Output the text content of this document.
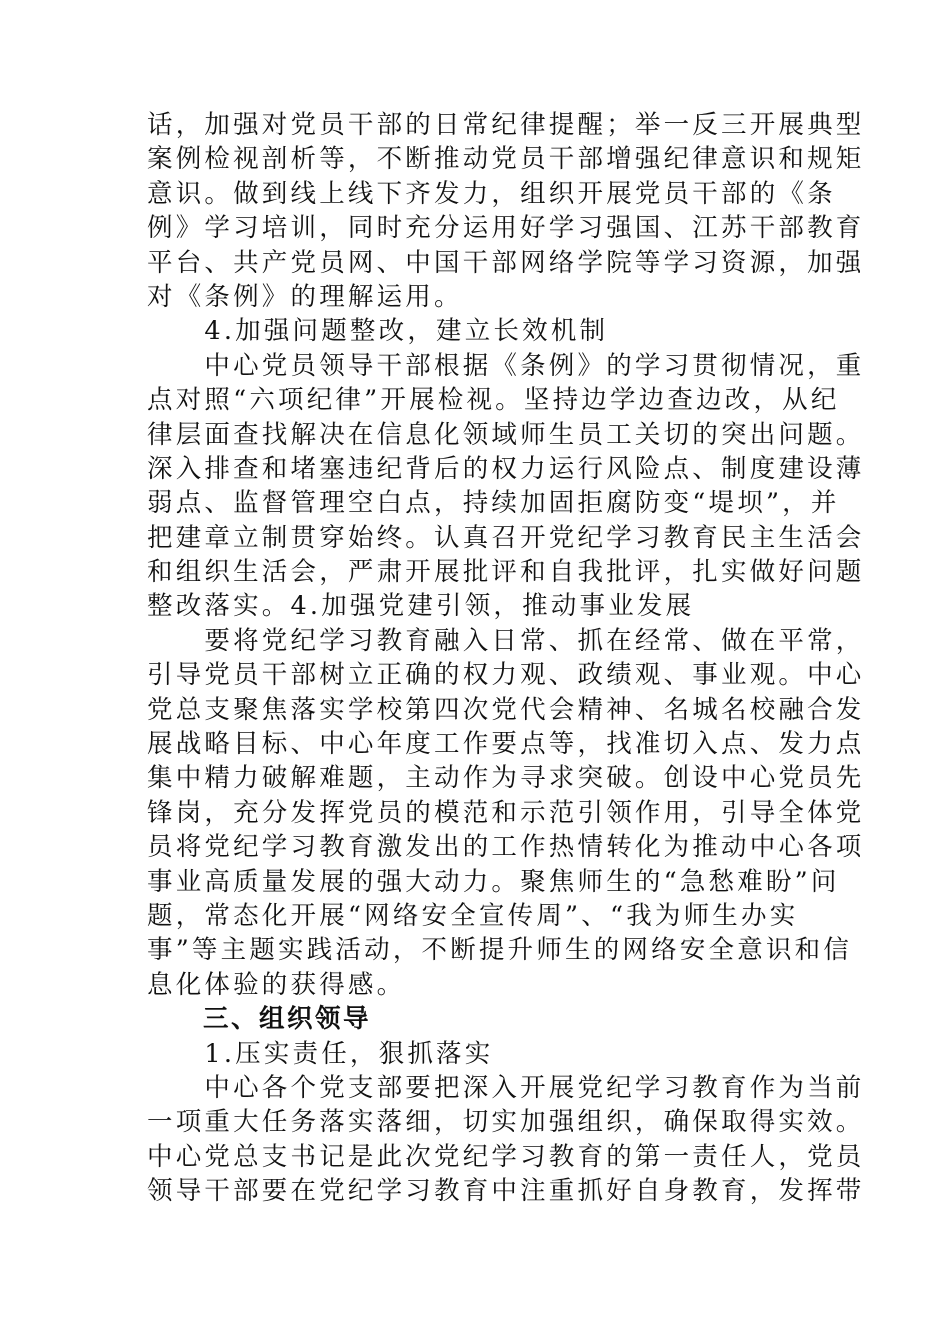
话，加强对党员干部的日常纪律提醒；举一反三开展典型
案例检视剖析等，不断推动党员干部增强纪律意识和规矩
意识。做到线上线下齐发力，组织开展党员干部的《条
例》学习培训，同时充分运用好学习强国、江苏干部教育
平台、共产党员网、中国干部网络学院等学习资源，加强
对《条例》的理解运用。
　　4.加强问题整改，建立长效机制
　　中心党员领导干部根据《条例》的学习贯彻情况，重
点对照“六项纪律”开展检视。坚持边学边查边改，从纪
律层面查找解决在信息化领域师生员工关切的突出问题。
深入排查和堵塞违纪背后的权力运行风险点、制度建设薄
弱点、监督管理空白点，持续加固拒腐防变“堤坝”，并
把建章立制贯穿始终。认真召开党纪学习教育民主生活会
和组织生活会，严肃开展批评和自我批评，扎实做好问题
整改落实。4.加强党建引领，推动事业发展
　　要将党纪学习教育融入日常、抓在经常、做在平常，
引导党员干部树立正确的权力观、政绩观、事业观。中心
党总支聚焦落实学校第四次党代会精神、名城名校融合发
展战略目标、中心年度工作要点等，找准切入点、发力点
集中精力破解难题，主动作为寻求突破。创设中心党员先
锋岗，充分发挥党员的模范和示范引领作用，引导全体党
员将党纪学习教育激发出的工作热情转化为推动中心各项
事业高质量发展的强大动力。聚焦师生的“急愁难盼”问
题，常态化开展“网络安全宣传周”、“我为师生办实
事”等主题实践活动，不断提升师生的网络安全意识和信
息化体验的获得感。
　　三、组织领导
　　1.压实责任，狠抓落实
　　中心各个党支部要把深入开展党纪学习教育作为当前
一项重大任务落实落细，切实加强组织，确保取得实效。
中心党总支书记是此次党纪学习教育的第一责任人，党员
领导干部要在党纪学习教育中注重抓好自身教育，发挥带
